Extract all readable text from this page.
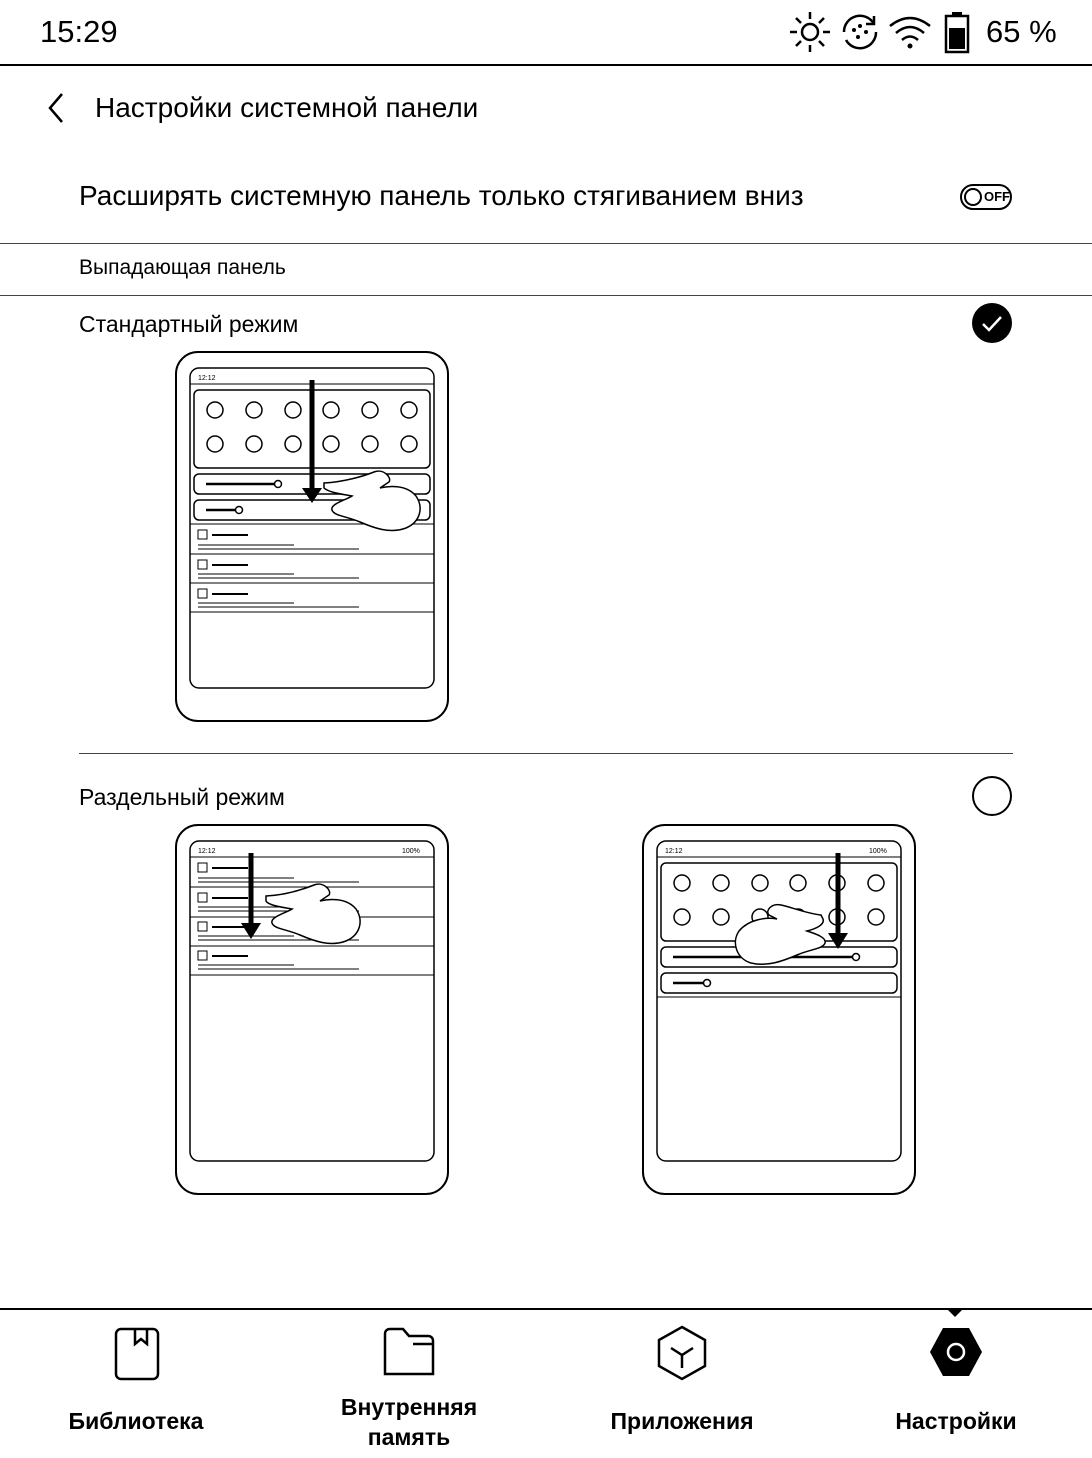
15:29	65 %
Настройки системной панели
Расширять системную панель только стягиванием вниз	OFF
Выпадающая панель
Стандартный режим
12:12
Раздельный режим
12:12	100%	12:12	100%
Библиотека
Внутренняя
память
Приложения	Настройки
